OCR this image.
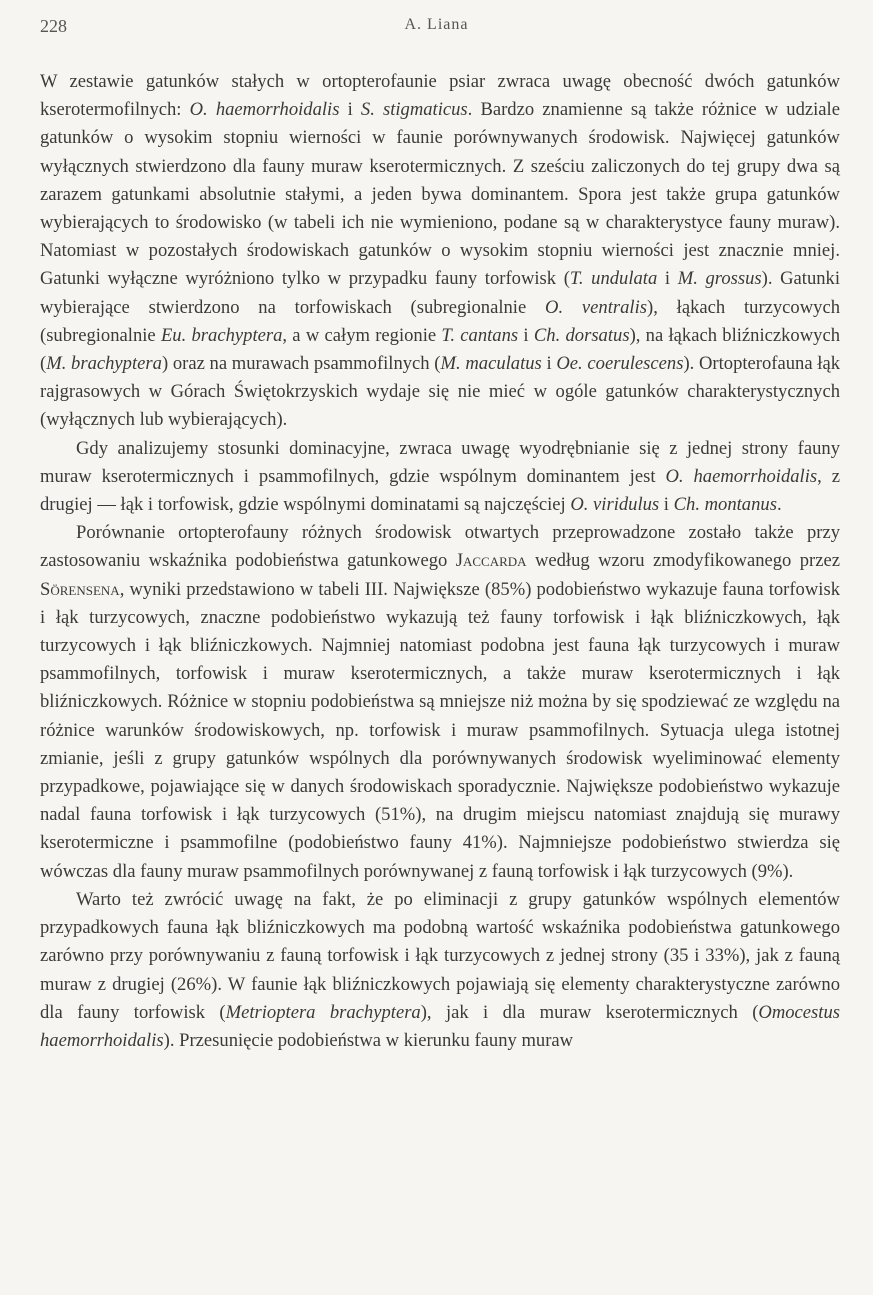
228	A. Liana

W zestawie gatunków stałych w ortopterofaunie psiar zwraca uwagę obecność dwóch gatunków kserotermofilnych: O. haemorrhoidalis i S. stigmaticus. Bardzo znamienne są także różnice w udziale gatunków o wysokim stopniu wierności w faunie porównywanych środowisk. Najwięcej gatunków wyłącznych stwierdzono dla fauny muraw kserotermicznych. Z sześciu zaliczonych do tej grupy dwa są zarazem gatunkami absolutnie stałymi, a jeden bywa dominantem. Spora jest także grupa gatunków wybierających to środowisko (w tabeli ich nie wymieniono, podane są w charakterystyce fauny muraw). Natomiast w pozostałych środowiskach gatunków o wysokim stopniu wierności jest znacznie mniej. Gatunki wyłączne wyróżniono tylko w przypadku fauny torfowisk (T. undulata i M. grossus). Gatunki wybierające stwierdzono na torfowiskach (subregionalnie O. ventralis), łąkach turzycowych (subregionalnie Eu. brachyptera, a w całym regionie T. cantans i Ch. dorsatus), na łąkach bliźniczkowych (M. brachyptera) oraz na murawach psammofilnych (M. maculatus i Oe. coerulescens). Ortopterofauna łąk rajgrasowych w Górach Świętokrzyskich wydaje się nie mieć w ogóle gatunków charakterystycznych (wyłącznych lub wybierających).

Gdy analizujemy stosunki dominacyjne, zwraca uwagę wyodrębnianie się z jednej strony fauny muraw kserotermicznych i psammofilnych, gdzie wspólnym dominantem jest O. haemorrhoidalis, z drugiej — łąk i torfowisk, gdzie wspólnymi dominatami są najczęściej O. viridulus i Ch. montanus.

Porównanie ortopterofauny różnych środowisk otwartych przeprowadzone zostało także przy zastosowaniu wskaźnika podobieństwa gatunkowego Jaccarda według wzoru zmodyfikowanego przez Sörensena, wyniki przedstawiono w tabeli III. Największe (85%) podobieństwo wykazuje fauna torfowisk i łąk turzycowych, znaczne podobieństwo wykazują też fauny torfowisk i łąk bliźniczkowych, łąk turzycowych i łąk bliźniczkowych. Najmniej natomiast podobna jest fauna łąk turzycowych i muraw psammofilnych, torfowisk i muraw kserotermicznych, a także muraw kserotermicznych i łąk bliźniczkowych. Różnice w stopniu podobieństwa są mniejsze niż można by się spodziewać ze względu na różnice warunków środowiskowych, np. torfowisk i muraw psammofilnych. Sytuacja ulega istotnej zmianie, jeśli z grupy gatunków wspólnych dla porównywanych środowisk wyeliminować elementy przypadkowe, pojawiające się w danych środowiskach sporadycznie. Największe podobieństwo wykazuje nadal fauna torfowisk i łąk turzycowych (51%), na drugim miejscu natomiast znajdują się murawy kserotermiczne i psammofilne (podobieństwo fauny 41%). Najmniejsze podobieństwo stwierdza się wówczas dla fauny muraw psammofilnych porównywanej z fauną torfowisk i łąk turzycowych (9%).

Warto też zwrócić uwagę na fakt, że po eliminacji z grupy gatunków wspólnych elementów przypadkowych fauna łąk bliźniczkowych ma podobną wartość wskaźnika podobieństwa gatunkowego zarówno przy porównywaniu z fauną torfowisk i łąk turzycowych z jednej strony (35 i 33%), jak z fauną muraw z drugiej (26%). W faunie łąk bliźniczkowych pojawiają się elementy charakterystyczne zarówno dla fauny torfowisk (Metrioptera brachyptera), jak i dla muraw kserotermicznych (Omocestus haemorrhoidalis). Przesunięcie podobieństwa w kierunku fauny muraw
